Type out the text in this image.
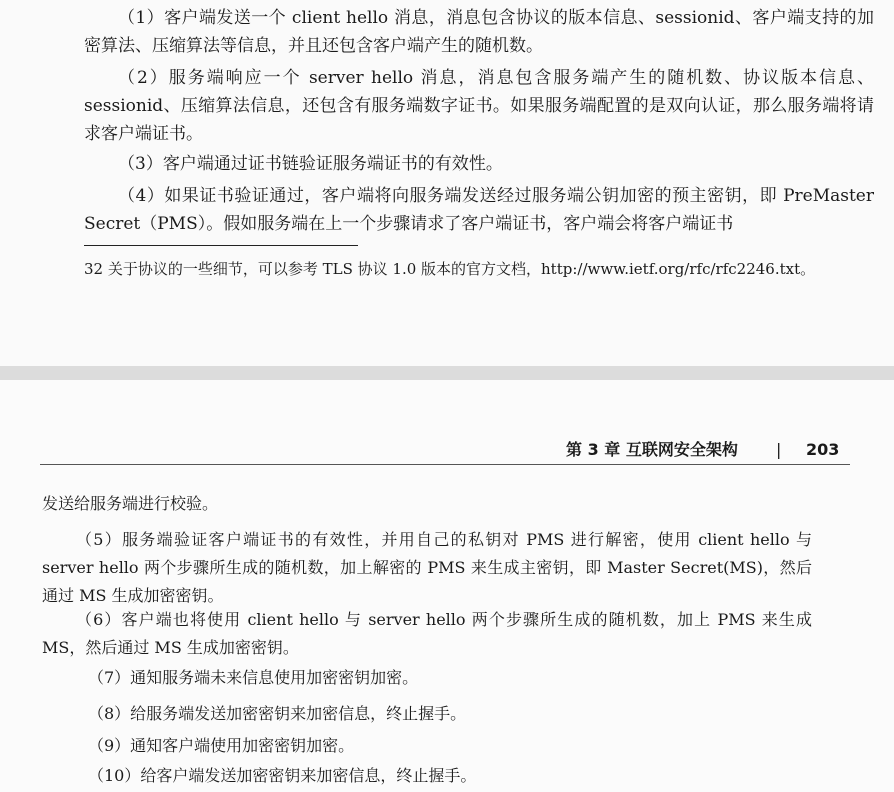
（1）客户端发送一个 client hello 消息，消息包含协议的版本信息、sessionid、客户端支持的加密算法、压缩算法等信息，并且还包含客户端产生的随机数。

（2）服务端响应一个 server hello 消息，消息包含服务端产生的随机数、协议版本信息、sessionid、压缩算法信息，还包含有服务端数字证书。如果服务端配置的是双向认证，那么服务端将请求客户端证书。

（3）客户端通过证书链验证服务端证书的有效性。

（4）如果证书验证通过，客户端将向服务端发送经过服务端公钥加密的预主密钥，即 PreMaster Secret（PMS）。假如服务端在上一个步骤请求了客户端证书，客户端会将客户端证书

32 关于协议的一些细节，可以参考 TLS 协议 1.0 版本的官方文档，http://www.ietf.org/rfc/rfc2246.txt。

第 3 章 互联网安全架构 | 203

发送给服务端进行校验。

（5）服务端验证客户端证书的有效性，并用自己的私钥对 PMS 进行解密，使用 client hello 与 server hello 两个步骤所生成的随机数，加上解密的 PMS 来生成主密钥，即 Master Secret(MS)，然后通过 MS 生成加密密钥。

（6）客户端也将使用 client hello 与 server hello 两个步骤所生成的随机数，加上 PMS 来生成 MS，然后通过 MS 生成加密密钥。

（7）通知服务端未来信息使用加密密钥加密。

（8）给服务端发送加密密钥来加密信息，终止握手。

（9）通知客户端使用加密密钥加密。

（10）给客户端发送加密密钥来加密信息，终止握手。
